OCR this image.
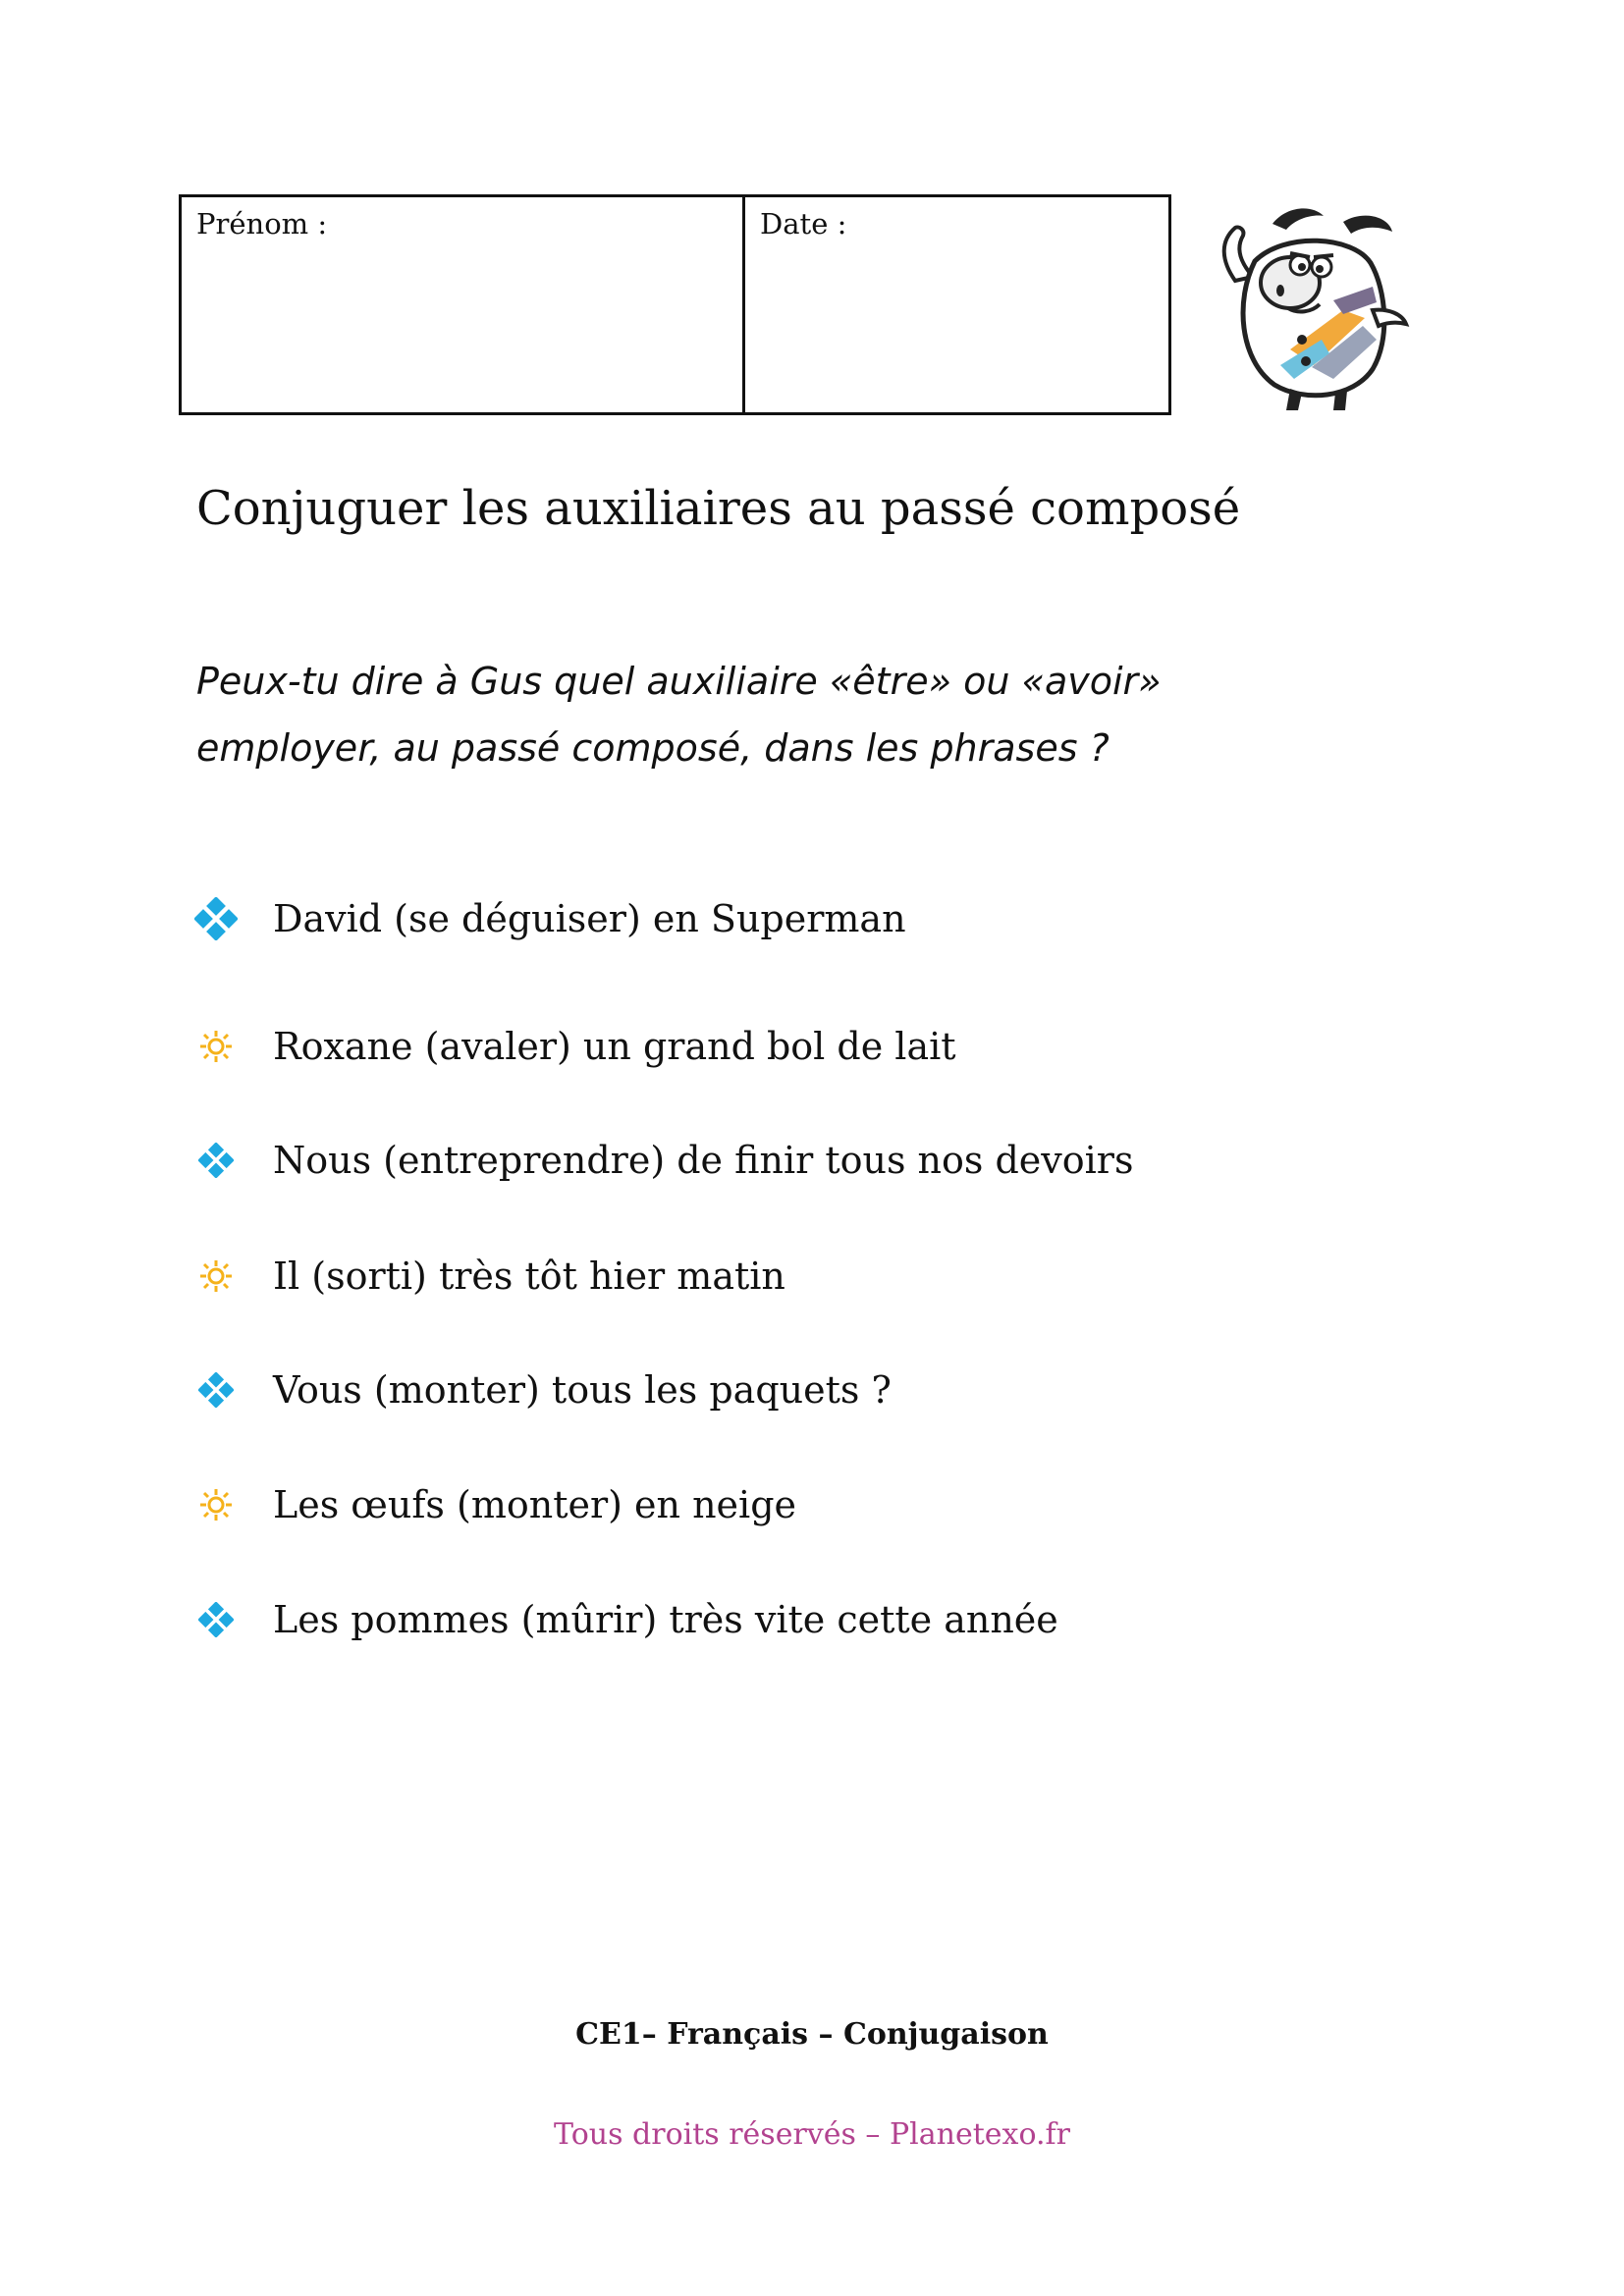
Prénom :	Date :
Conjuguer les auxiliaires au passé composé
Peux-tu dire à Gus quel auxiliaire «être» ou «avoir»
employer, au passé composé, dans les phrases ?
David (se déguiser) en Superman
Roxane (avaler) un grand bol de lait
Nous (entreprendre) de finir tous nos devoirs
Il (sorti) très tôt hier matin
Vous (monter) tous les paquets ?
Les œufs (monter) en neige
Les pommes (mûrir) très vite cette année
CE1– Français – Conjugaison
Tous droits réservés – Planetexo.fr
